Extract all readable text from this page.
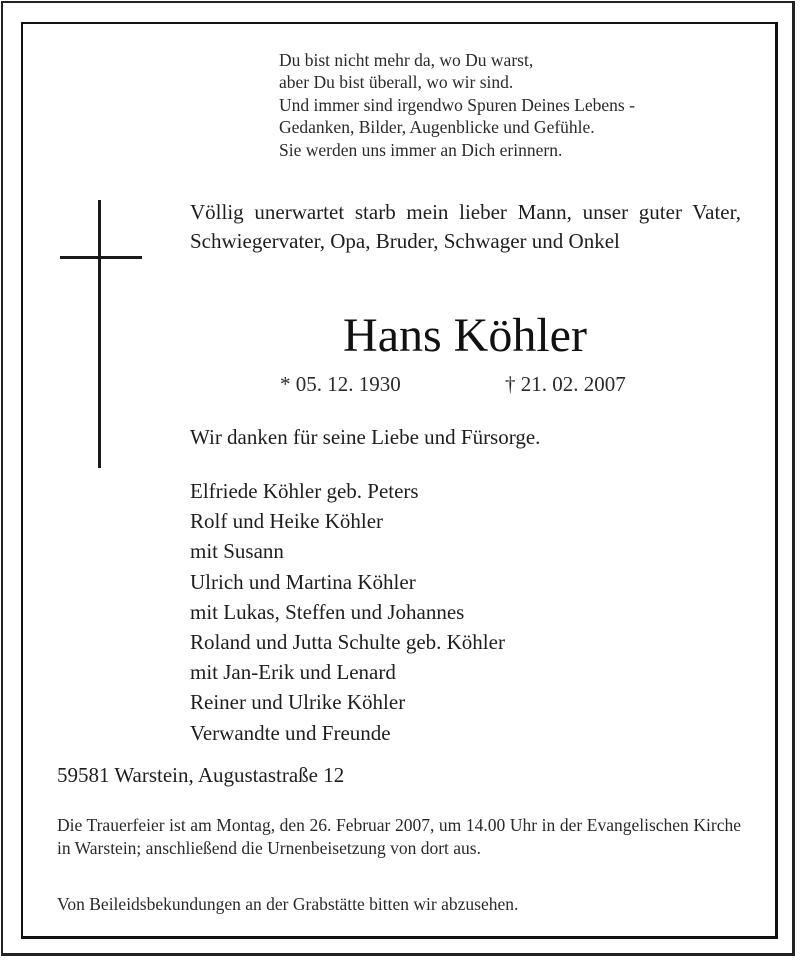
Du bist nicht mehr da, wo Du warst,
aber Du bist überall, wo wir sind.
Und immer sind irgendwo Spuren Deines Lebens -
Gedanken, Bilder, Augenblicke und Gefühle.
Sie werden uns immer an Dich erinnern.
Völlig unerwartet starb mein lieber Mann, unser guter Vater, Schwiegervater, Opa, Bruder, Schwager und Onkel
Hans Köhler
* 05. 12. 1930	† 21. 02. 2007
Wir danken für seine Liebe und Fürsorge.
Elfriede Köhler geb. Peters
Rolf und Heike Köhler
mit Susann
Ulrich und Martina Köhler
mit Lukas, Steffen und Johannes
Roland und Jutta Schulte geb. Köhler
mit Jan-Erik und Lenard
Reiner und Ulrike Köhler
Verwandte und Freunde
59581 Warstein, Augustastraße 12
Die Trauerfeier ist am Montag, den 26. Februar 2007, um 14.00 Uhr in der Evangelischen Kirche in Warstein; anschließend die Urnenbeisetzung von dort aus.
Von Beileidsbekundungen an der Grabstätte bitten wir abzusehen.
